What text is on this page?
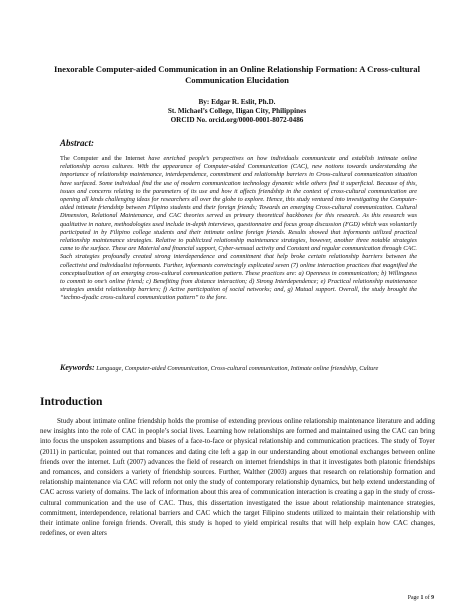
Inexorable Computer-aided Communication in an Online Relationship Formation: A Cross-cultural Communication Elucidation
By: Edgar R. Eslit, Ph.D.
St. Michael’s College, Iligan City, Philippines
ORCID No. orcid.org/0000-0001-8072-0486
Abstract:
The Computer and the Internet have enriched people’s perspectives on how individuals communicate and establish intimate online relationship across cultures. With the appearance of Computer-aided Communication (CAC), new notions towards understanding the importance of relationship maintenance, interdependence, commitment and relationship barriers in Cross-cultural communication situation have surfaced. Some individual find the use of modern communication technology dynamic while others find it superficial. Because of this, issues and concerns relating to the parameters of its use and how it affects friendship in the context of cross-cultural communication are opening all kinds challenging ideas for researchers all over the globe to explore. Hence, this study ventured into investigating the Computer-aided intimate friendship between Filipino students and their foreign friends; Towards an emerging Cross-cultural communication. Cultural Dimension, Relational Maintenance, and CAC theories served as primary theoretical backbones for this research. As this research was qualitative in nature, methodologies used include in-depth interviews, questionnaire and focus group discussion (FGD) which was voluntarily participated in by Filipino college students and their intimate online foreign friends. Results showed that informants utilized practical relationship maintenance strategies. Relative to publicized relationship maintenance strategies, however, another three notable strategies came to the surface. These are Material and financial support, Cyber-sensual activity and Constant and regular communication through CAC. Such strategies profoundly created strong interdependence and commitment that help broke certain relationship barriers between the collectivist and individualist informants. Further, informants convincingly explicated seven (7) online interaction practices that magnified the conceptualization of an emerging cross-cultural communication pattern. These practices are: a) Openness in communication; b) Willingness to commit to one’s online friend; c) Benefiting from distance interaction; d) Strong Interdependence; e) Practical relationship maintenance strategies amidst relationship barriers; f) Active participation of social networks; and, g) Mutual support. Overall, the study brought the “techno-dyadic cross-cultural communication pattern” to the fore.
Keywords: Language, Computer-aided Communication, Cross-cultural communication, Intimate online friendship, Culture
Introduction

Study about intimate online friendship holds the promise of extending previous online relationship maintenance literature and adding new insights into the role of CAC in people’s social lives. Learning how relationships are formed and maintained using the CAC can bring into focus the unspoken assumptions and biases of a face-to-face or physical relationship and communication practices. The study of Toyer (2011) in particular, pointed out that romances and dating cite left a gap in our understanding about emotional exchanges between online friends over the internet. Luft (2007) advances the field of research on internet friendships in that it investigates both platonic friendships and romances, and considers a variety of friendship sources. Further, Walther (2003) argues that research on relationship formation and relationship maintenance via CAC will reform not only the study of contemporary relationship dynamics, but help extend understanding of CAC across variety of domains. The lack of information about this area of communication interaction is creating a gap in the study of cross-cultural communication and the use of CAC. Thus, this dissertation investigated the issue about relationship maintenance strategies, commitment, interdependence, relational barriers and CAC which the target Filipino students utilized to maintain their relationship with their intimate online foreign friends. Overall, this study is hoped to yield empirical results that will help explain how CAC changes, redefines, or even alters

Page 1 of 9
